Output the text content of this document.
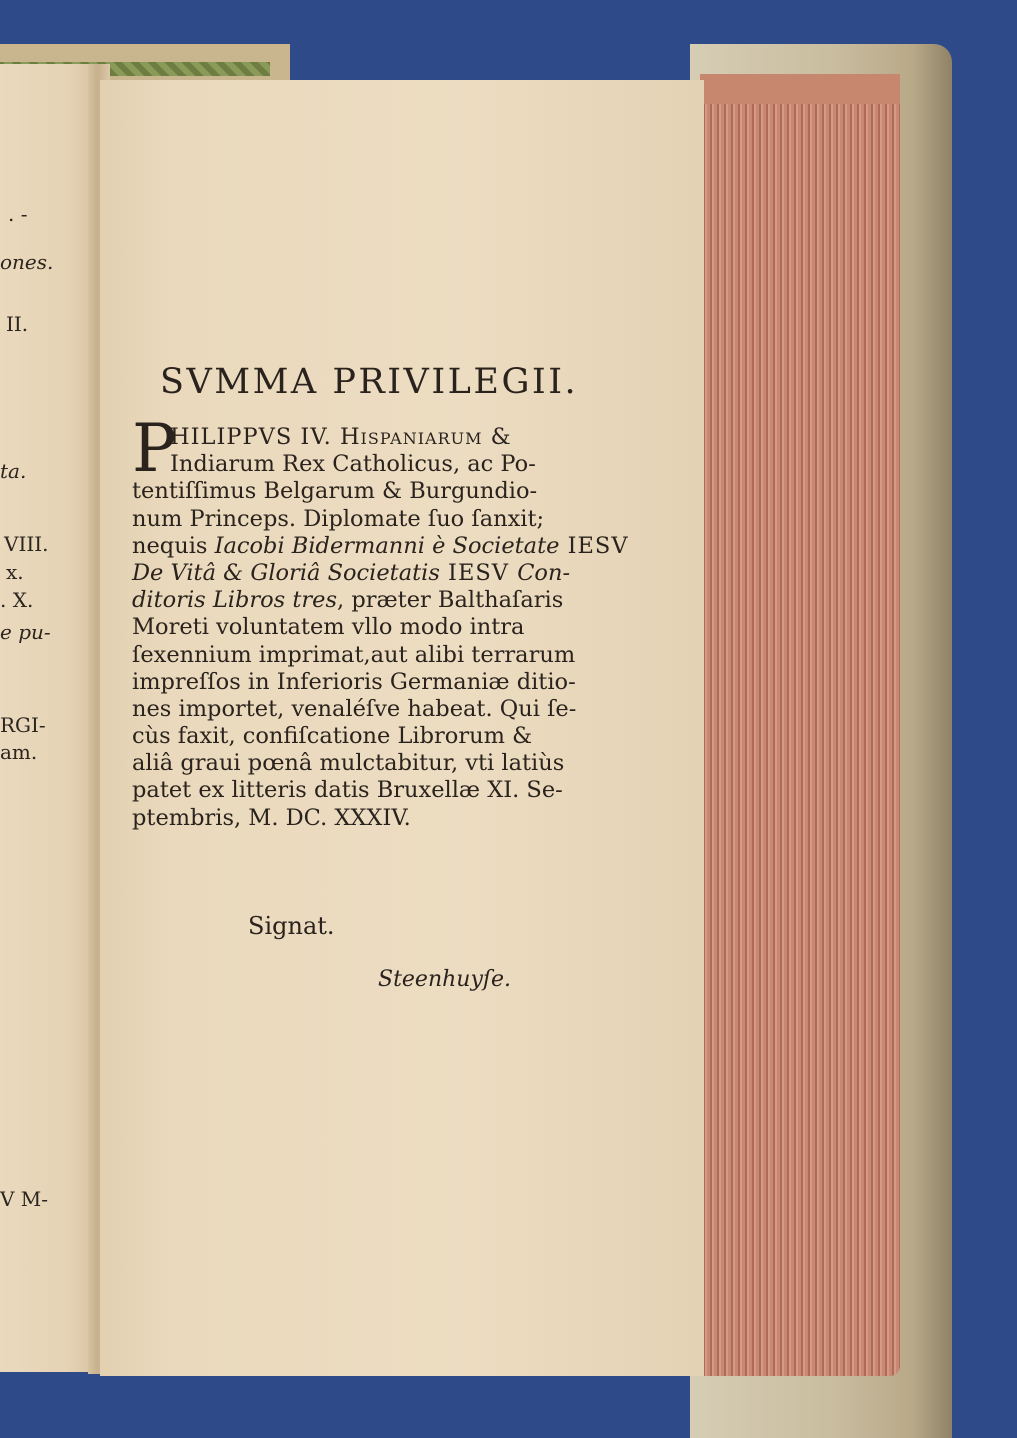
SVMMA PRIVILEGII.
P
HILIPPVS IV. Hiſpaniarum &
Indiarum Rex Catholicus, ac Po-
tentiſſimus Belgarum & Burgundio-
num Princeps. Diplomate ſuo ſanxit;
nequis Iacobi Bidermanni è Societate IESV
De Vitâ & Gloriâ Societatis IESV Con-
ditoris Libros tres, præter Balthaſaris
Moreti voluntatem vllo modo intra
ſexennium imprimat,aut alibi terrarum
impreſſos in Inferioris Germaniæ ditio-
nes importet, venaléſve habeat. Qui ſe-
cùs faxit, confiſcatione Librorum &
aliâ graui pœnâ mulctabitur, vti latiùs
patet ex litteris datis Bruxellæ XI. Se-
ptembris, M. DC. XXXIV.
Signat.
Steenhuyſe.
. -
ones.
II.
ta.
VIII.
x.
. X.
e pu-
RGI-
am.
V M-
